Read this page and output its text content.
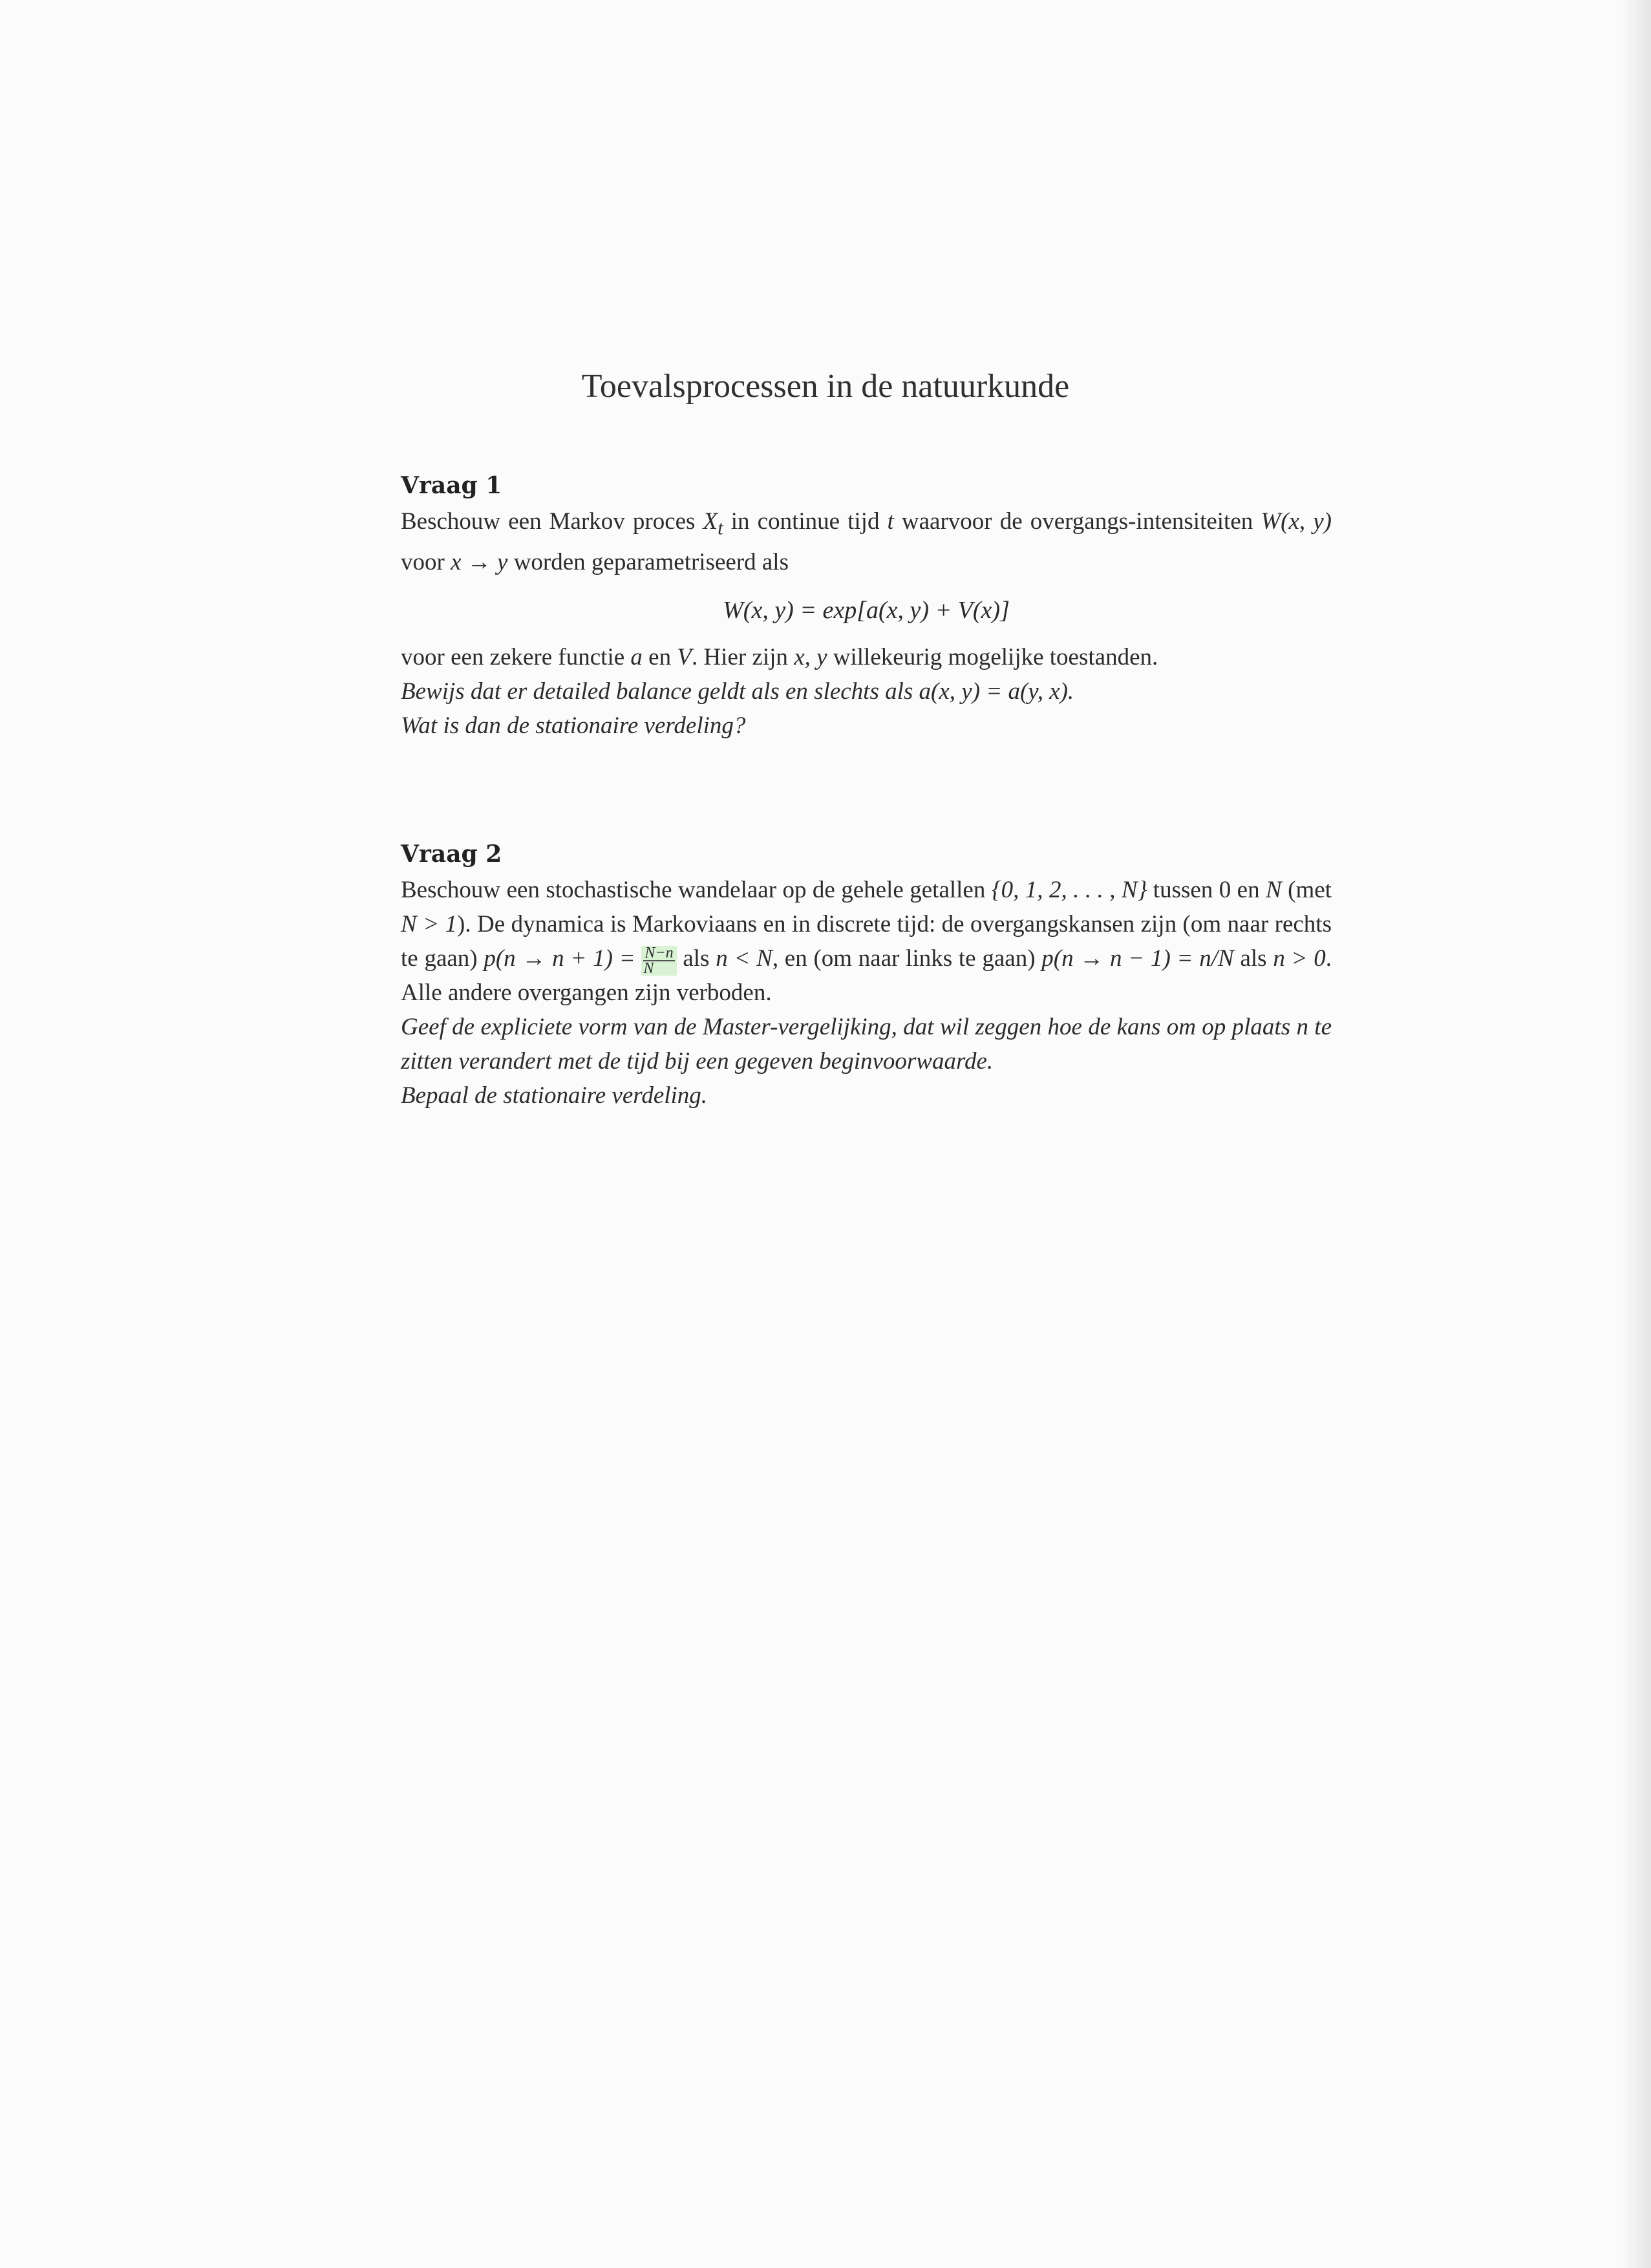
Toevalsprocessen in de natuurkunde
Vraag 1

Beschouw een Markov proces $X_t$ in continue tijd t waarvoor de overgangs-intensiteiten W(x, y) voor x → y worden geparametriseerd als

W(x, y) = exp[a(x, y) + V(x)]

voor een zekere functie a en V. Hier zijn x, y willekeurig mogelijke toestanden.

Bewijs dat er detailed balance geldt als en slechts als a(x, y) = a(y, x).

Wat is dan de stationaire verdeling?

Vraag 2

Beschouw een stochastische wandelaar op de gehele getallen {0, 1, 2, . . . , N} tussen 0 en N (met N > 1). De dynamica is Markoviaans en in discrete tijd: de overgangskansen zijn (om naar rechts te gaan) $p(n \to n + 1) = \frac{N-n}{N}$ als n < N, en (om naar links te gaan) p(n → n − 1) = n/N als n > 0. Alle andere overgangen zijn verboden.

Geef de expliciete vorm van de Master-vergelijking, dat wil zeggen hoe de kans om op plaats n te zitten verandert met de tijd bij een gegeven beginvoorwaarde.

Bepaal de stationaire verdeling.
